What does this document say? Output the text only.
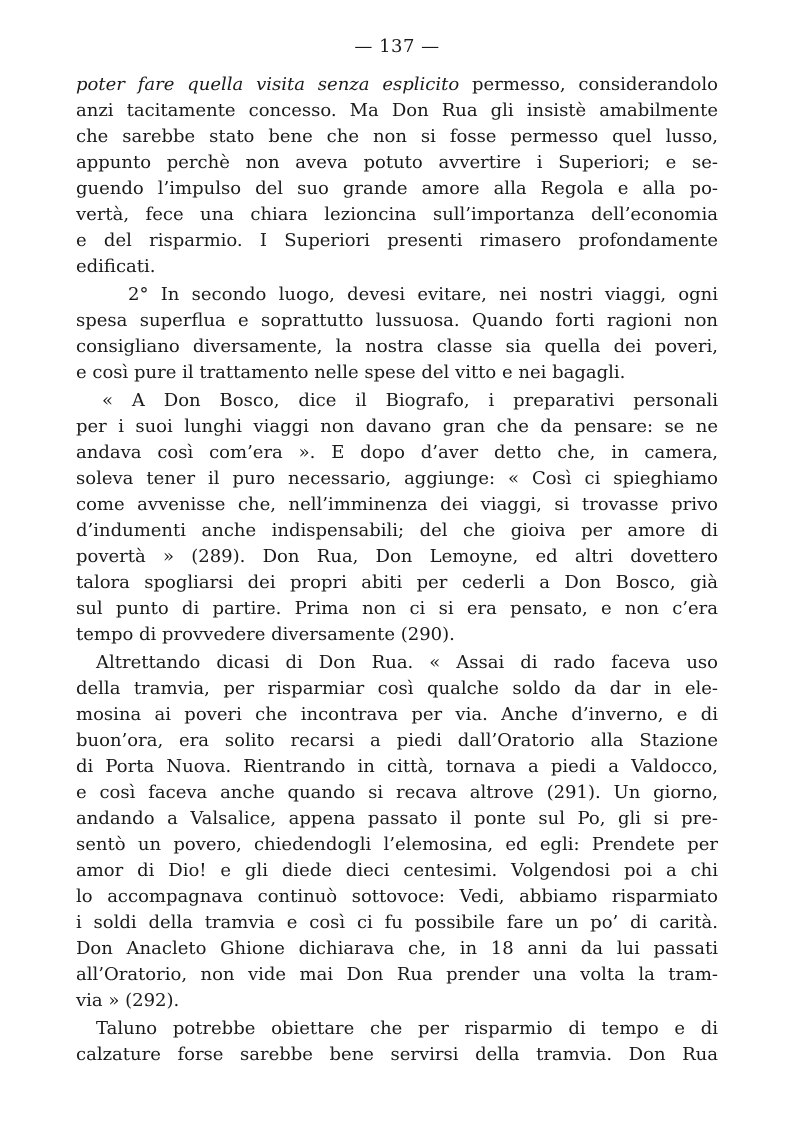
— 137 —
poter fare quella visita senza esplicito permesso, considerandolo
anzi tacitamente concesso. Ma Don Rua gli insistè amabilmente
che sarebbe stato bene che non si fosse permesso quel lusso,
appunto perchè non aveva potuto avvertire i Superiori; e se-
guendo l’impulso del suo grande amore alla Regola e alla po-
vertà, fece una chiara lezioncina sull’importanza dell’economia
e del risparmio. I Superiori presenti rimasero profondamente
edificati.
2° In secondo luogo, devesi evitare, nei nostri viaggi, ogni
spesa superflua e soprattutto lussuosa. Quando forti ragioni non
consigliano diversamente, la nostra classe sia quella dei poveri,
e così pure il trattamento nelle spese del vitto e nei bagagli.
« A Don Bosco, dice il Biografo, i preparativi personali
per i suoi lunghi viaggi non davano gran che da pensare: se ne
andava così com’era ». E dopo d’aver detto che, in camera,
soleva tener il puro necessario, aggiunge: « Così ci spieghiamo
come avvenisse che, nell’imminenza dei viaggi, si trovasse privo
d’indumenti anche indispensabili; del che gioiva per amore di
povertà » (289). Don Rua, Don Lemoyne, ed altri dovettero
talora spogliarsi dei propri abiti per cederli a Don Bosco, già
sul punto di partire. Prima non ci si era pensato, e non c’era
tempo di provvedere diversamente (290).
Altrettando dicasi di Don Rua. « Assai di rado faceva uso
della tramvia, per risparmiar così qualche soldo da dar in ele-
mosina ai poveri che incontrava per via. Anche d’inverno, e di
buon’ora, era solito recarsi a piedi dall’Oratorio alla Stazione
di Porta Nuova. Rientrando in città, tornava a piedi a Valdocco,
e così faceva anche quando si recava altrove (291). Un giorno,
andando a Valsalice, appena passato il ponte sul Po, gli si pre-
sentò un povero, chiedendogli l’elemosina, ed egli: Prendete per
amor di Dio! e gli diede dieci centesimi. Volgendosi poi a chi
lo accompagnava continuò sottovoce: Vedi, abbiamo risparmiato
i soldi della tramvia e così ci fu possibile fare un po’ di carità.
Don Anacleto Ghione dichiarava che, in 18 anni da lui passati
all’Oratorio, non vide mai Don Rua prender una volta la tram-
via » (292).
Taluno potrebbe obiettare che per risparmio di tempo e di
calzature forse sarebbe bene servirsi della tramvia. Don Rua
